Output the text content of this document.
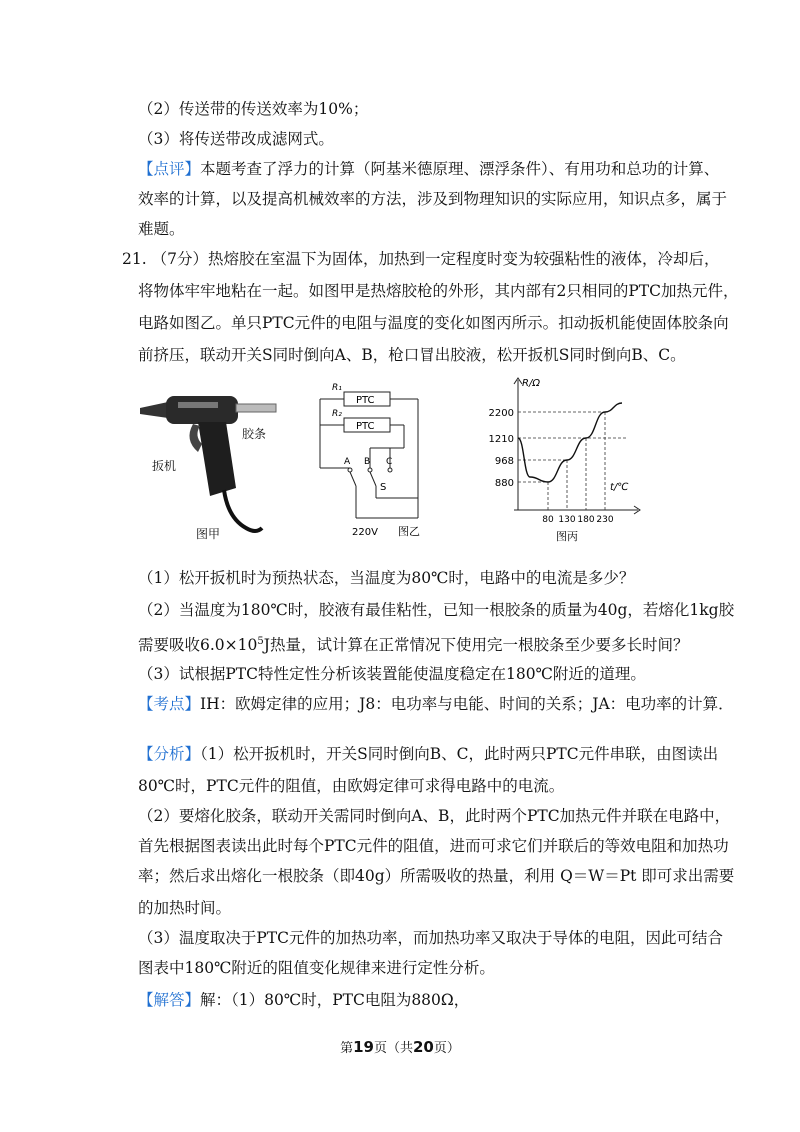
（2）传送带的传送效率为10%；
（3）将传送带改成滤网式。
【点评】本题考查了浮力的计算（阿基米德原理、漂浮条件）、有用功和总功的计算、
效率的计算，以及提高机械效率的方法，涉及到物理知识的实际应用，知识点多，属于
难题。
21. （7分）热熔胶在室温下为固体，加热到一定程度时变为较强粘性的液体，冷却后，
将物体牢牢地粘在一起。如图甲是热熔胶枪的外形，其内部有2只相同的PTC加热元件，
电路如图乙。单只PTC元件的电阻与温度的变化如图丙所示。扣动扳机能使固体胶条向
前挤压，联动开关S同时倒向A、B，枪口冒出胶液，松开扳机S同时倒向B、C。
胶条
扳机
图甲
R₁
R₂
PTC
PTC
A B C
S
220V 图乙
2200
1210
968
880
80 130 180 230
R/Ω
t/℃
图丙
（1）松开扳机时为预热状态，当温度为80℃时，电路中的电流是多少？
（2）当温度为180℃时，胶液有最佳粘性，已知一根胶条的质量为40g，若熔化1kg胶
需要吸收$6.0\times 10^5J$热量，试计算在正常情况下使用完一根胶条至少要多长时间？
（3）试根据PTC特性定性分析该装置能使温度稳定在180℃附近的道理。
【考点】IH：欧姆定律的应用；J8：电功率与电能、时间的关系；JA：电功率的计算．
【分析】（1）松开扳机时，开关S同时倒向B、C，此时两只PTC元件串联，由图读出
80℃时，PTC元件的阻值，由欧姆定律可求得电路中的电流。
（2）要熔化胶条，联动开关需同时倒向A、B，此时两个PTC加热元件并联在电路中，
首先根据图表读出此时每个PTC元件的阻值，进而可求它们并联后的等效电阻和加热功
率；然后求出熔化一根胶条（即40g）所需吸收的热量，利用 Q＝W＝Pt 即可求出需要
的加热时间。
（3）温度取决于PTC元件的加热功率，而加热功率又取决于导体的电阻，因此可结合
图表中180℃附近的阻值变化规律来进行定性分析。
【解答】解：（1）80℃时，PTC电阻为880Ω，
第19页（共20页）
